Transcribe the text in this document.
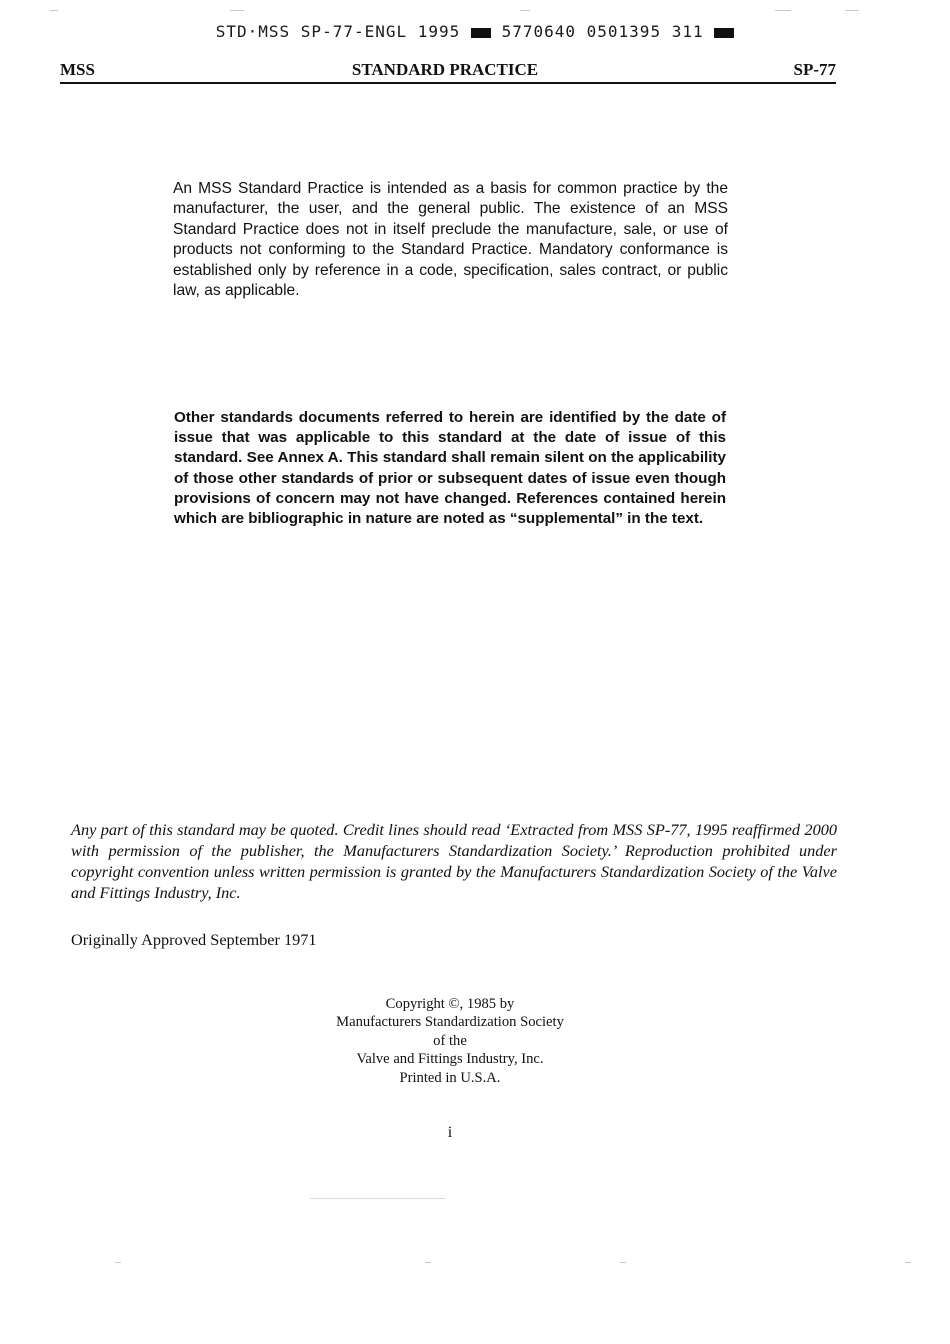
STD·MSS SP-77-ENGL 1995	5770640 0501395 311
MSS	STANDARD PRACTICE	SP-77
An MSS Standard Practice is intended as a basis for common practice by the manufacturer, the user, and the general public. The existence of an MSS Standard Practice does not in itself preclude the manufacture, sale, or use of products not conforming to the Standard Practice. Mandatory conformance is established only by reference in a code, specification, sales contract, or public law, as applicable.
Other standards documents referred to herein are identified by the date of issue that was applicable to this standard at the date of issue of this standard. See Annex A. This standard shall remain silent on the applicability of those other standards of prior or subsequent dates of issue even though provisions of concern may not have changed. References contained herein which are bibliographic in nature are noted as “supplemental” in the text.
Any part of this standard may be quoted. Credit lines should read ‘Extracted from MSS SP-77, 1995 reaffirmed 2000 with permission of the publisher, the Manufacturers Standardization Society.’ Reproduction prohibited under copyright convention unless written permission is granted by the Manufacturers Standardization Society of the Valve and Fittings Industry, Inc.
Originally Approved September 1971
Copyright ©, 1985 by
Manufacturers Standardization Society
of the
Valve and Fittings Industry, Inc.
Printed in U.S.A.
i
